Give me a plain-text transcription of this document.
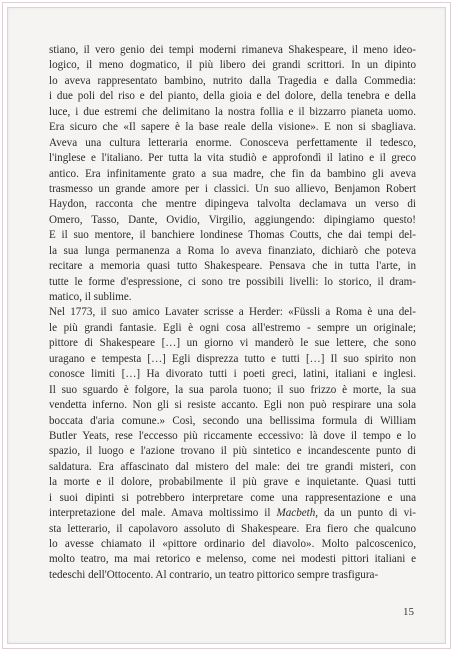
stiano, il vero genio dei tempi moderni rimaneva Shakespeare, il meno ideo-
logico, il meno dogmatico, il più libero dei grandi scrittori. In un dipinto
lo aveva rappresentato bambino, nutrito dalla Tragedia e dalla Commedia:
i due poli del riso e del pianto, della gioia e del dolore, della tenebra e della
luce, i due estremi che delimitano la nostra follia e il bizzarro pianeta uomo.
Era sicuro che «Il sapere è la base reale della visione». E non si sbagliava.
Aveva una cultura letteraria enorme. Conosceva perfettamente il tedesco,
l'inglese e l'italiano. Per tutta la vita studiò e approfondì il latino e il greco
antico. Era infinitamente grato a sua madre, che fin da bambino gli aveva
trasmesso un grande amore per i classici. Un suo allievo, Benjamon Robert
Haydon, racconta che mentre dipingeva talvolta declamava un verso di
Omero, Tasso, Dante, Ovidio, Virgilio, aggiungendo: dipingiamo questo!
E il suo mentore, il banchiere londinese Thomas Coutts, che dai tempi del-
la sua lunga permanenza a Roma lo aveva finanziato, dichiarò che poteva
recitare a memoria quasi tutto Shakespeare. Pensava che in tutta l'arte, in
tutte le forme d'espressione, ci sono tre possibili livelli: lo storico, il dram-
matico, il sublime.
Nel 1773, il suo amico Lavater scrisse a Herder: «Füssli a Roma è una del-
le più grandi fantasie. Egli è ogni cosa all'estremo - sempre un originale;
pittore di Shakespeare […] un giorno vi manderò le sue lettere, che sono
uragano e tempesta […] Egli disprezza tutto e tutti […] Il suo spirito non
conosce limiti […] Ha divorato tutti i poeti greci, latini, italiani e inglesi.
Il suo sguardo è folgore, la sua parola tuono; il suo frizzo è morte, la sua
vendetta inferno. Non gli si resiste accanto. Egli non può respirare una sola
boccata d'aria comune.» Così, secondo una bellissima formula di William
Butler Yeats, rese l'eccesso più riccamente eccessivo: là dove il tempo e lo
spazio, il luogo e l'azione trovano il più sintetico e incandescente punto di
saldatura. Era affascinato dal mistero del male: dei tre grandi misteri, con
la morte e il dolore, probabilmente il più grave e inquietante. Quasi tutti
i suoi dipinti si potrebbero interpretare come una rappresentazione e una
interpretazione del male. Amava moltissimo il Macbeth, da un punto di vi-
sta letterario, il capolavoro assoluto di Shakespeare. Era fiero che qualcuno
lo avesse chiamato il «pittore ordinario del diavolo». Molto palcoscenico,
molto teatro, ma mai retorico e melenso, come nei modesti pittori italiani e
tedeschi dell'Ottocento. Al contrario, un teatro pittorico sempre trasfigura-
15
